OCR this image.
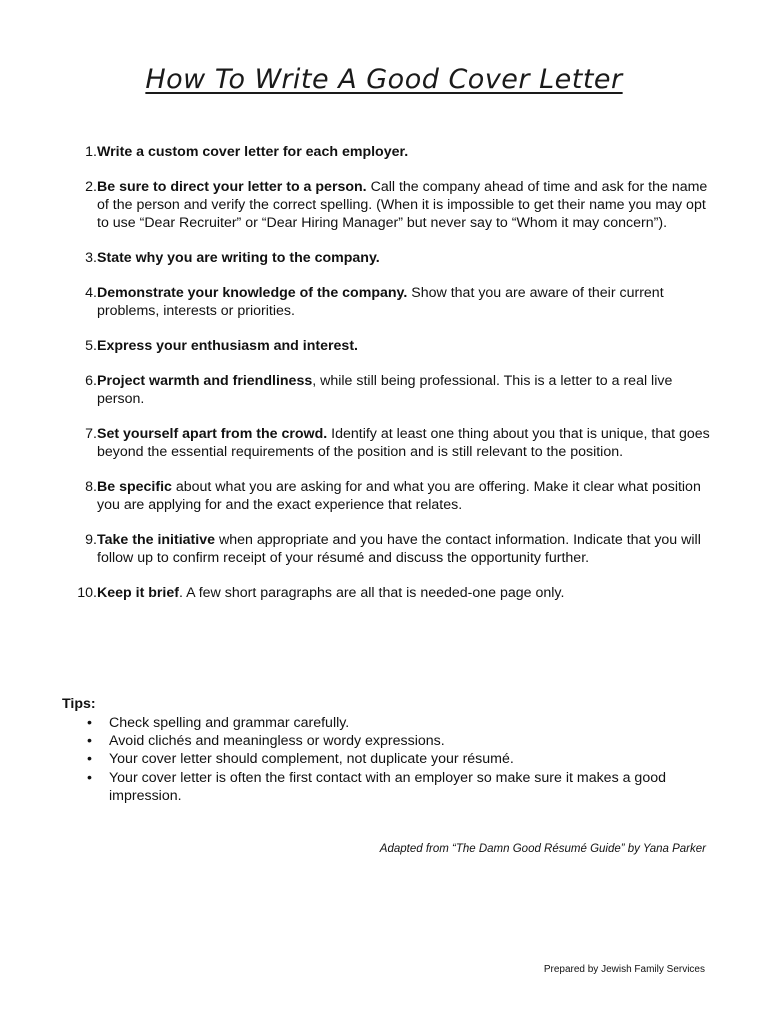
How To Write A Good Cover Letter
1. Write a custom cover letter for each employer.
2. Be sure to direct your letter to a person. Call the company ahead of time and ask for the name of the person and verify the correct spelling. (When it is impossible to get their name you may opt to use “Dear Recruiter” or “Dear Hiring Manager” but never say to “Whom it may concern”).
3. State why you are writing to the company.
4. Demonstrate your knowledge of the company. Show that you are aware of their current problems, interests or priorities.
5. Express your enthusiasm and interest.
6. Project warmth and friendliness, while still being professional. This is a letter to a real live person.
7. Set yourself apart from the crowd. Identify at least one thing about you that is unique, that goes beyond the essential requirements of the position and is still relevant to the position.
8. Be specific about what you are asking for and what you are offering. Make it clear what position you are applying for and the exact experience that relates.
9. Take the initiative when appropriate and you have the contact information. Indicate that you will follow up to confirm receipt of your résumé and discuss the opportunity further.
10. Keep it brief. A few short paragraphs are all that is needed-one page only.
Tips:
•	Check spelling and grammar carefully.
•	Avoid clichés and meaningless or wordy expressions.
•	Your cover letter should complement, not duplicate your résumé.
•	Your cover letter is often the first contact with an employer so make sure it makes a good impression.
Adapted from “The Damn Good Résumé Guide” by Yana Parker
Prepared by Jewish Family Services
